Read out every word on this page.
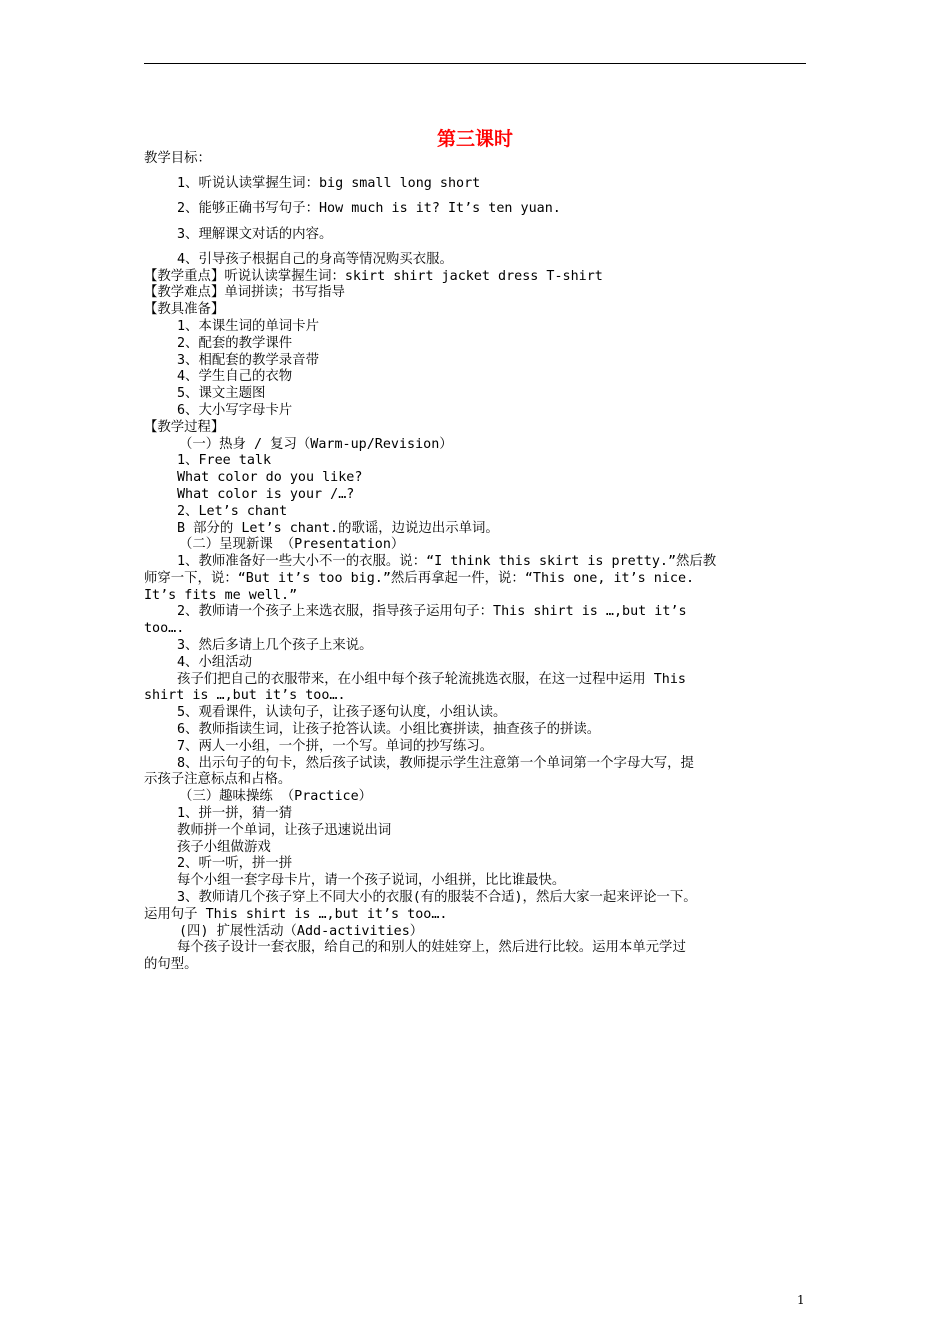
第三课时
教学目标：
1、听说认读掌握生词：big small long short
2、能够正确书写句子：How much is it? It’s ten yuan.
3、理解课文对话的内容。
4、引导孩子根据自己的身高等情况购买衣服。
【教学重点】听说认读掌握生词：skirt shirt jacket dress T-shirt
【教学难点】单词拼读；书写指导
【教具准备】
1、本课生词的单词卡片
2、配套的教学课件
3、相配套的教学录音带
4、学生自己的衣物
5、课文主题图
6、大小写字母卡片
【教学过程】
（一）热身 / 复习（Warm-up/Revision）
1、Free talk
What color do you like?
What color is your /…?
2、Let’s chant
B 部分的 Let’s chant.的歌谣，边说边出示单词。
（二）呈现新课 （Presentation）
1、教师准备好一些大小不一的衣服。说：“I think this skirt is pretty.”然后教
师穿一下，说：“But it’s too big.”然后再拿起一件，说：“This one, it’s nice.
It’s fits me well.”
2、教师请一个孩子上来选衣服，指导孩子运用句子：This shirt is …,but it’s
too….
3、然后多请上几个孩子上来说。
4、小组活动
孩子们把自己的衣服带来，在小组中每个孩子轮流挑选衣服，在这一过程中运用 This
shirt is …,but it’s too….
5、观看课件，认读句子，让孩子逐句认度，小组认读。
6、教师指读生词，让孩子抢答认读。小组比赛拼读，抽查孩子的拼读。
7、两人一小组，一个拼，一个写。单词的抄写练习。
8、出示句子的句卡，然后孩子试读，教师提示学生注意第一个单词第一个字母大写，提
示孩子注意标点和占格。
（三）趣味操练 （Practice）
1、拼一拼，猜一猜
教师拼一个单词，让孩子迅速说出词
孩子小组做游戏
2、听一听，拼一拼
每个小组一套字母卡片，请一个孩子说词，小组拼，比比谁最快。
3、教师请几个孩子穿上不同大小的衣服(有的服装不合适)，然后大家一起来评论一下。
运用句子 This shirt is …,but it’s too….
(四) 扩展性活动（Add-activities）
每个孩子设计一套衣服，给自己的和别人的娃娃穿上，然后进行比较。运用本单元学过
的句型。
1
